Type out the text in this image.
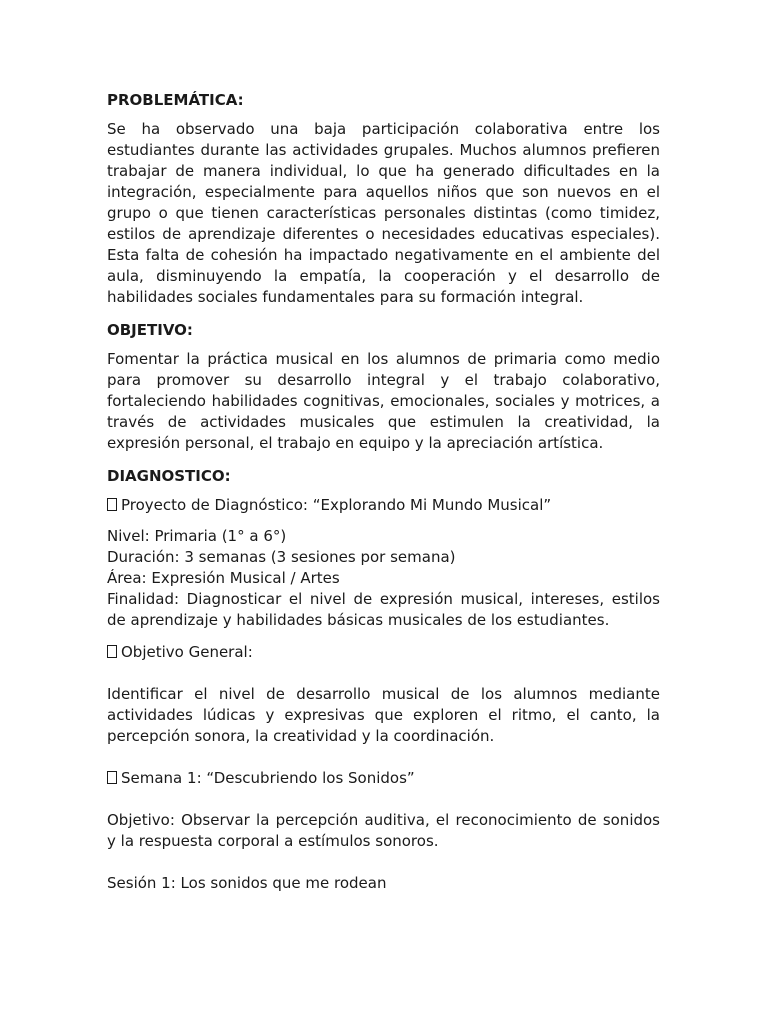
PROBLEMÁTICA:
Se ha observado una baja participación colaborativa entre los estudiantes durante las actividades grupales. Muchos alumnos prefieren trabajar de manera individual, lo que ha generado dificultades en la integración, especialmente para aquellos niños que son nuevos en el grupo o que tienen características personales distintas (como timidez, estilos de aprendizaje diferentes o necesidades educativas especiales). Esta falta de cohesión ha impactado negativamente en el ambiente del aula, disminuyendo la empatía, la cooperación y el desarrollo de habilidades sociales fundamentales para su formación integral.
OBJETIVO:
Fomentar la práctica musical en los alumnos de primaria como medio para promover su desarrollo integral y el trabajo colaborativo, fortaleciendo habilidades cognitivas, emocionales, sociales y motrices, a través de actividades musicales que estimulen la creatividad, la expresión personal, el trabajo en equipo y la apreciación artística.
DIAGNOSTICO:
Proyecto de Diagnóstico: “Explorando Mi Mundo Musical”
Nivel: Primaria (1° a 6°)
Duración: 3 semanas (3 sesiones por semana)
Área: Expresión Musical / Artes
Finalidad: Diagnosticar el nivel de expresión musical, intereses, estilos de aprendizaje y habilidades básicas musicales de los estudiantes.
Objetivo General:
Identificar el nivel de desarrollo musical de los alumnos mediante actividades lúdicas y expresivas que exploren el ritmo, el canto, la percepción sonora, la creatividad y la coordinación.
Semana 1: “Descubriendo los Sonidos”
Objetivo: Observar la percepción auditiva, el reconocimiento de sonidos y la respuesta corporal a estímulos sonoros.
Sesión 1: Los sonidos que me rodean
